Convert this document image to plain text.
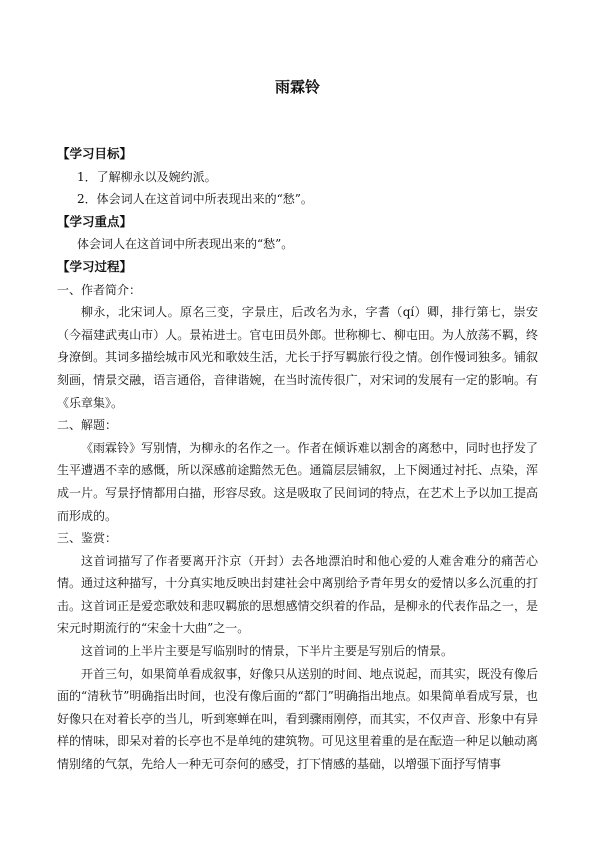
雨霖铃

【学习目标】

1．了解柳永以及婉约派。

2．体会词人在这首词中所表现出来的“愁”。

【学习重点】

体会词人在这首词中所表现出来的“愁”。

【学习过程】

一、作者简介：

柳永，北宋词人。原名三变，字景庄，后改名为永，字耆（qí）卿，排行第七，崇安（今福建武夷山市）人。景祐进士。官屯田员外郎。世称柳七、柳屯田。为人放荡不羁，终身潦倒。其词多描绘城市风光和歌妓生活，尤长于抒写羁旅行役之情。创作慢词独多。铺叙刻画，情景交融，语言通俗，音律谐婉，在当时流传很广，对宋词的发展有一定的影响。有《乐章集》。

二、解题：

《雨霖铃》写别情，为柳永的名作之一。作者在倾诉难以割舍的离愁中，同时也抒发了生平遭遇不幸的感慨，所以深感前途黯然无色。通篇层层铺叙，上下阕通过衬托、点染，浑成一片。写景抒情都用白描，形容尽致。这是吸取了民间词的特点，在艺术上予以加工提高而形成的。

三、鉴赏：

这首词描写了作者要离开汴京（开封）去各地漂泊时和他心爱的人难舍难分的痛苦心情。通过这种描写，十分真实地反映出封建社会中离别给予青年男女的爱情以多么沉重的打击。这首词正是爱恋歌妓和悲叹羁旅的思想感情交织着的作品，是柳永的代表作品之一，是宋元时期流行的“宋金十大曲”之一。

这首词的上半片主要是写临别时的情景，下半片主要是写别后的情景。

开首三句，如果简单看成叙事，好像只从送别的时间、地点说起，而其实，既没有像后面的“清秋节”明确指出时间，也没有像后面的“都门”明确指出地点。如果简单看成写景，也好像只在对着长亭的当儿，听到寒蝉在叫，看到骤雨刚停，而其实，不仅声音、形象中有异样的情味，即呆对着的长亭也不是单纯的建筑物。可见这里着重的是在酝造一种足以触动离情别绪的气氛，先给人一种无可奈何的感受，打下情感的基础，以增强下面抒写情事
